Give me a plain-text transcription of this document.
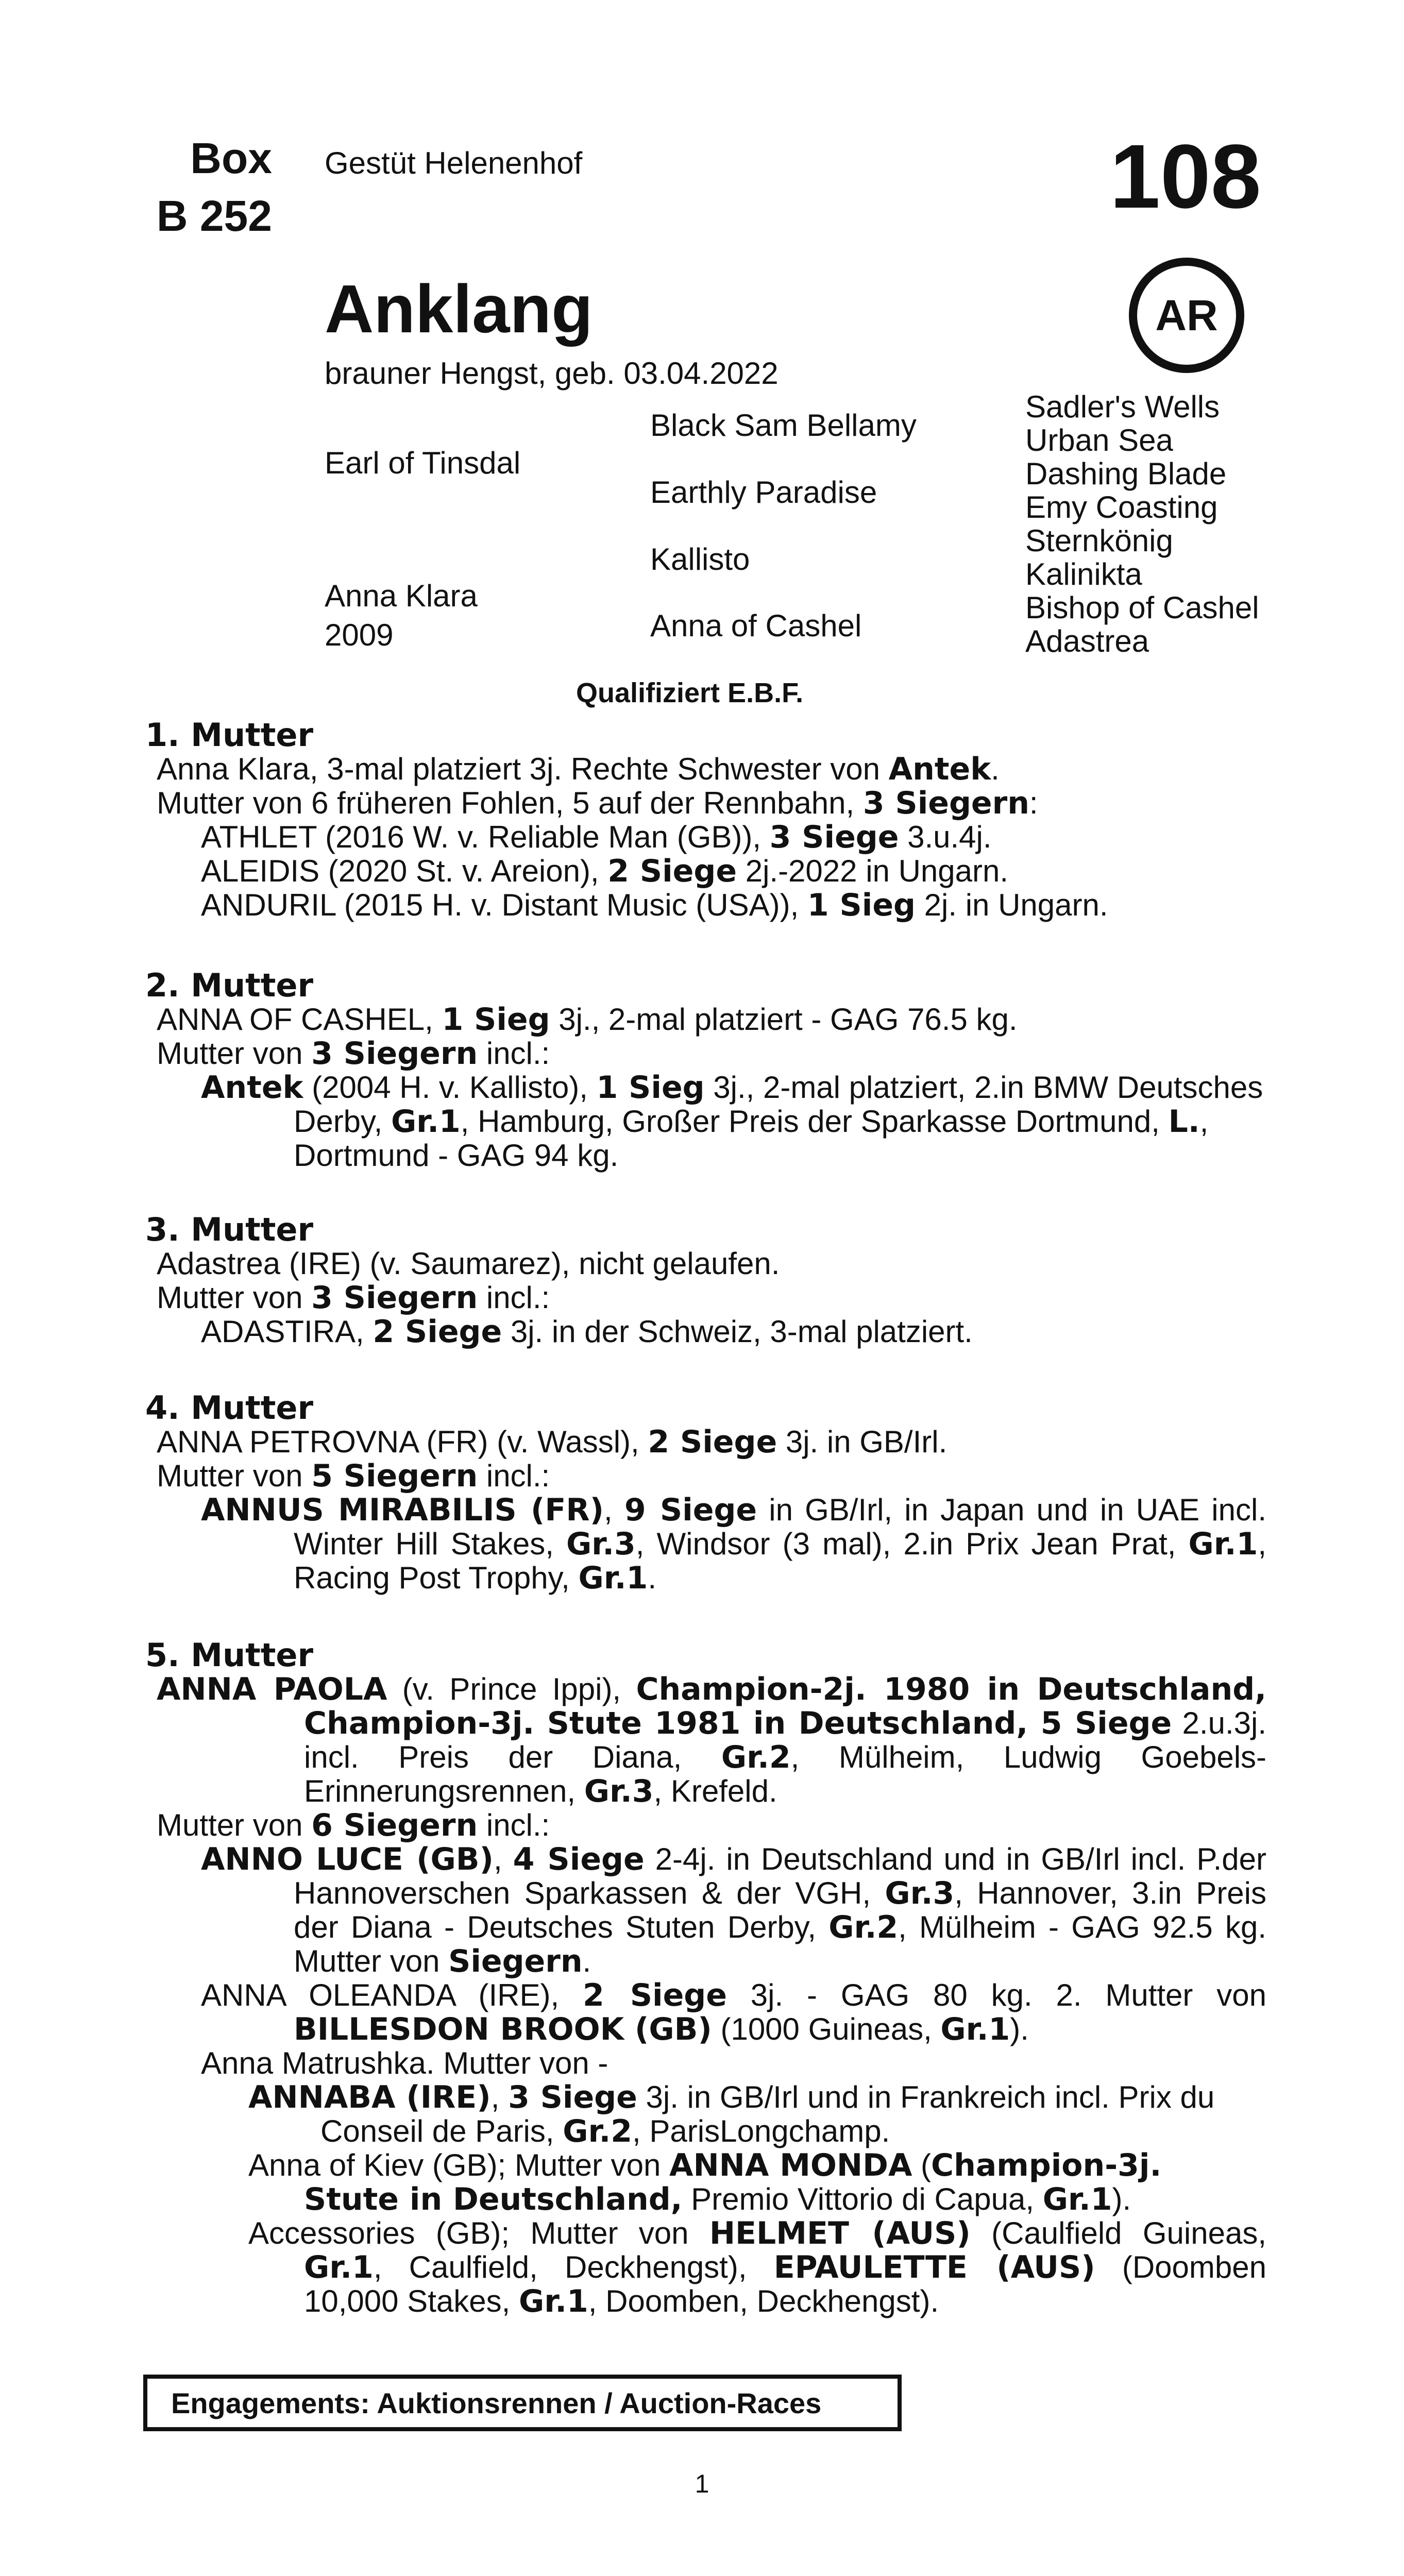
Box
B 252
Gestüt Helenenhof	108
AR
Anklang
brauner Hengst, geb. 03.04.2022
Earl of Tinsdal
Anna Klara
2009
Black Sam Bellamy
Earthly Paradise
Kallisto
Anna of Cashel
Sadler's Wells
Urban Sea
Dashing Blade
Emy Coasting
Sternkönig
Kalinikta
Bishop of Cashel
Adastrea
Qualifiziert E.B.F.

1. Mutter

Anna Klara, 3-mal platziert 3j. Rechte Schwester von Antek.

Mutter von 6 früheren Fohlen, 5 auf der Rennbahn, 3 Siegern:

ATHLET (2016 W. v. Reliable Man (GB)), 3 Siege 3.u.4j.

ALEIDIS (2020 St. v. Areion), 2 Siege 2j.-2022 in Ungarn.

ANDURIL (2015 H. v. Distant Music (USA)), 1 Sieg 2j. in Ungarn.

2. Mutter

ANNA OF CASHEL, 1 Sieg 3j., 2-mal platziert - GAG 76.5 kg.

Mutter von 3 Siegern incl.:

Antek (2004 H. v. Kallisto), 1 Sieg 3j., 2-mal platziert, 2.in BMW Deutsches Derby, Gr.1, Hamburg, Großer Preis der Sparkasse Dortmund, L., Dortmund - GAG 94 kg.

3. Mutter

Adastrea (IRE) (v. Saumarez), nicht gelaufen.

Mutter von 3 Siegern incl.:

ADASTIRA, 2 Siege 3j. in der Schweiz, 3-mal platziert.

4. Mutter

ANNA PETROVNA (FR) (v. Wassl), 2 Siege 3j. in GB/Irl.

Mutter von 5 Siegern incl.:

ANNUS MIRABILIS (FR), 9 Siege in GB/Irl, in Japan und in UAE incl. Winter Hill Stakes, Gr.3, Windsor (3 mal), 2.in Prix Jean Prat, Gr.1, Racing Post Trophy, Gr.1.

5. Mutter

ANNA PAOLA (v. Prince Ippi), Champion-2j. 1980 in Deutschland, Champion-3j. Stute 1981 in Deutschland, 5 Siege 2.u.3j. incl. Preis der Diana, Gr.2, Mülheim, Ludwig Goebels-Erinnerungsrennen, Gr.3, Krefeld.

Mutter von 6 Siegern incl.:

ANNO LUCE (GB), 4 Siege 2-4j. in Deutschland und in GB/Irl incl. P.der Hannoverschen Sparkassen & der VGH, Gr.3, Hannover, 3.in Preis der Diana - Deutsches Stuten Derby, Gr.2, Mülheim - GAG 92.5 kg. Mutter von Siegern.

ANNA OLEANDA (IRE), 2 Siege 3j. - GAG 80 kg. 2. Mutter von BILLESDON BROOK (GB) (1000 Guineas, Gr.1).

Anna Matrushka. Mutter von -

ANNABA (IRE), 3 Siege 3j. in GB/Irl und in Frankreich incl. Prix du Conseil de Paris, Gr.2, ParisLongchamp.

Anna of Kiev (GB); Mutter von ANNA MONDA (Champion-3j. Stute in Deutschland, Premio Vittorio di Capua, Gr.1).

Accessories (GB); Mutter von HELMET (AUS) (Caulfield Guineas, Gr.1, Caulfield, Deckhengst), EPAULETTE (AUS) (Doomben 10,000 Stakes, Gr.1, Doomben, Deckhengst).

Engagements: Auktionsrennen / Auction-Races
1
